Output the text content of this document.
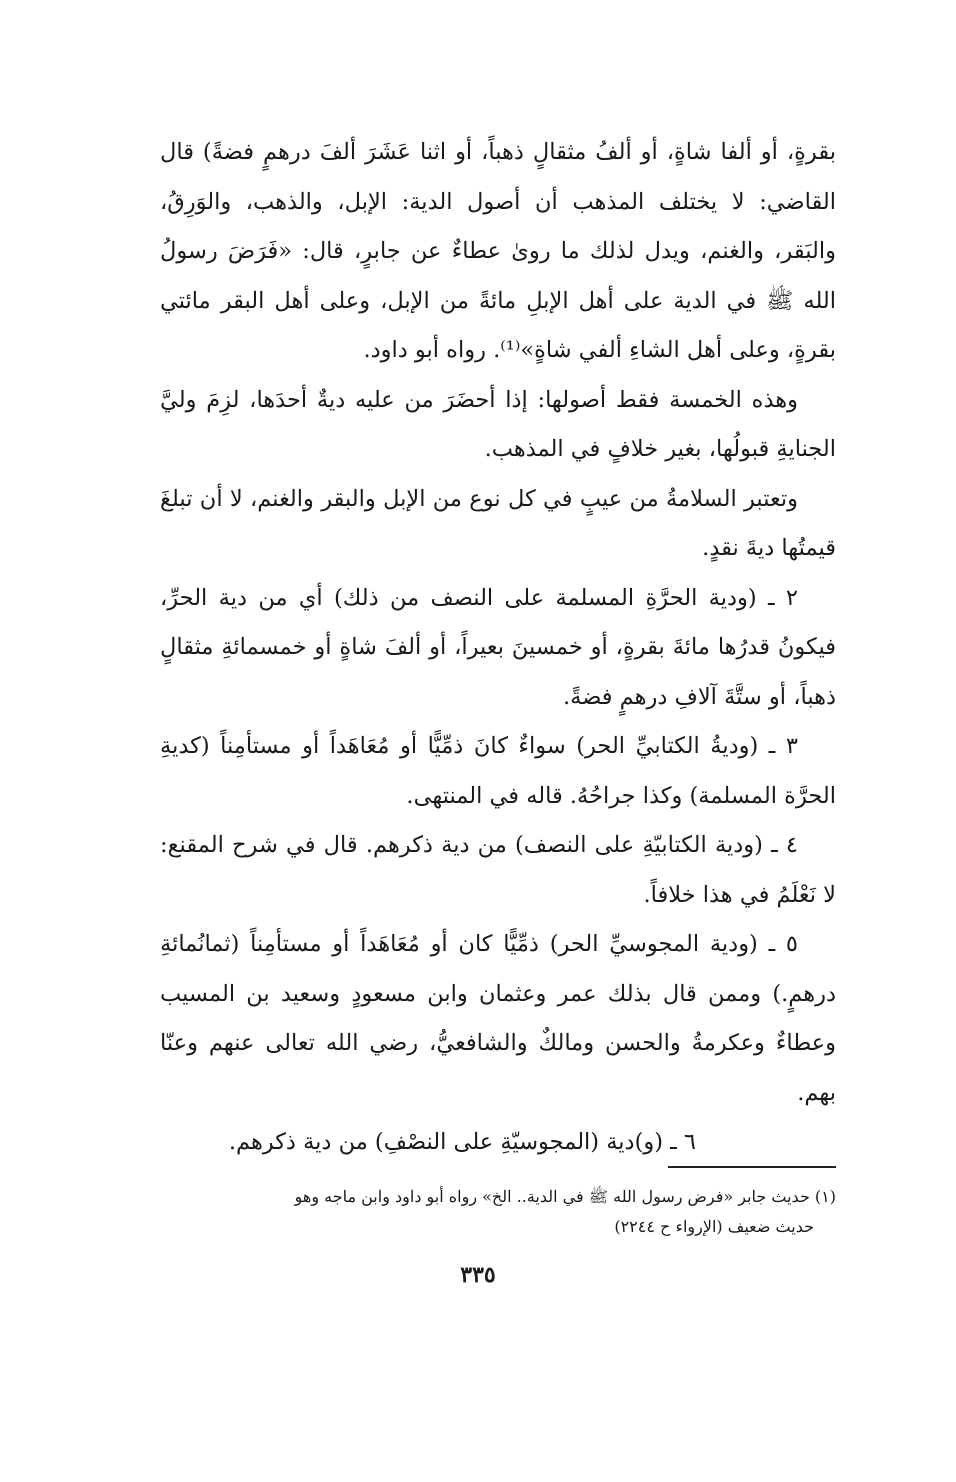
بقرةٍ، أو ألفا شاةٍ، أو ألفُ مثقالٍ ذهباً، أو اثنا عَشَرَ ألفَ درهمٍ فضةً) قال القاضي: لا يختلف المذهب أن أصول الدية: الإبل، والذهب، والوَرِقُ، والبَقر، والغنم، ويدل لذلك ما روىٰ عطاءٌ عن جابرٍ، قال: «فَرَضَ رسولُ الله ﷺ في الدية على أهل الإبلِ مائةً من الإبل، وعلى أهل البقر مائتي بقرةٍ، وعلى أهل الشاءِ ألفي شاةٍ»⁽¹⁾. رواه أبو داود.

وهذه الخمسة فقط أصولها: إذا أحضَرَ من عليه ديةٌ أحدَها، لزِمَ وليَّ الجنايةِ قبولُها، بغير خلافٍ في المذهب.

وتعتبر السلامةُ من عيبٍ في كل نوع من الإبل والبقر والغنم، لا أن تبلغَ قيمتُها ديةَ نقدٍ.

٢ ـ (ودية الحرَّةِ المسلمة على النصف من ذلك) أي من دية الحرِّ، فيكونُ قدرُها مائةَ بقرةٍ، أو خمسينَ بعيراً، أو ألفَ شاةٍ أو خمسمائةِ مثقالٍ ذهباً، أو ستَّةَ آلافِ درهمٍ فضةً.

٣ ـ (وديةُ الكتابيِّ الحر) سواءٌ كانَ ذمِّيًّا أو مُعَاهَداً أو مستأمِناً (كديةِ الحرَّة المسلمة) وكذا جراحُهُ. قاله في المنتهى.

٤ ـ (ودية الكتابيّةِ على النصف) من دية ذكرهم. قال في شرح المقنع: لا نَعْلَمُ في هذا خلافاً.

٥ ـ (ودية المجوسيِّ الحر) ذمِّيًّا كان أو مُعَاهَداً أو مستأمِناً (ثمانُمائةِ درهمٍ.) وممن قال بذلك عمر وعثمان وابن مسعودٍ وسعيد بن المسيب وعطاءٌ وعكرمةُ والحسن ومالكٌ والشافعيُّ، رضي الله تعالى عنهم وعنّا بهم.

٦ ـ (و)دية (المجوسيّةِ على النصْفِ) من دية ذكرهم.

(١) حديث جابر «فرض رسول الله ﷺ في الدية.. الخ» رواه أبو داود وابن ماجه وهو

حديث ضعيف (الإرواء ح ٢٢٤٤)

٣٣٥
